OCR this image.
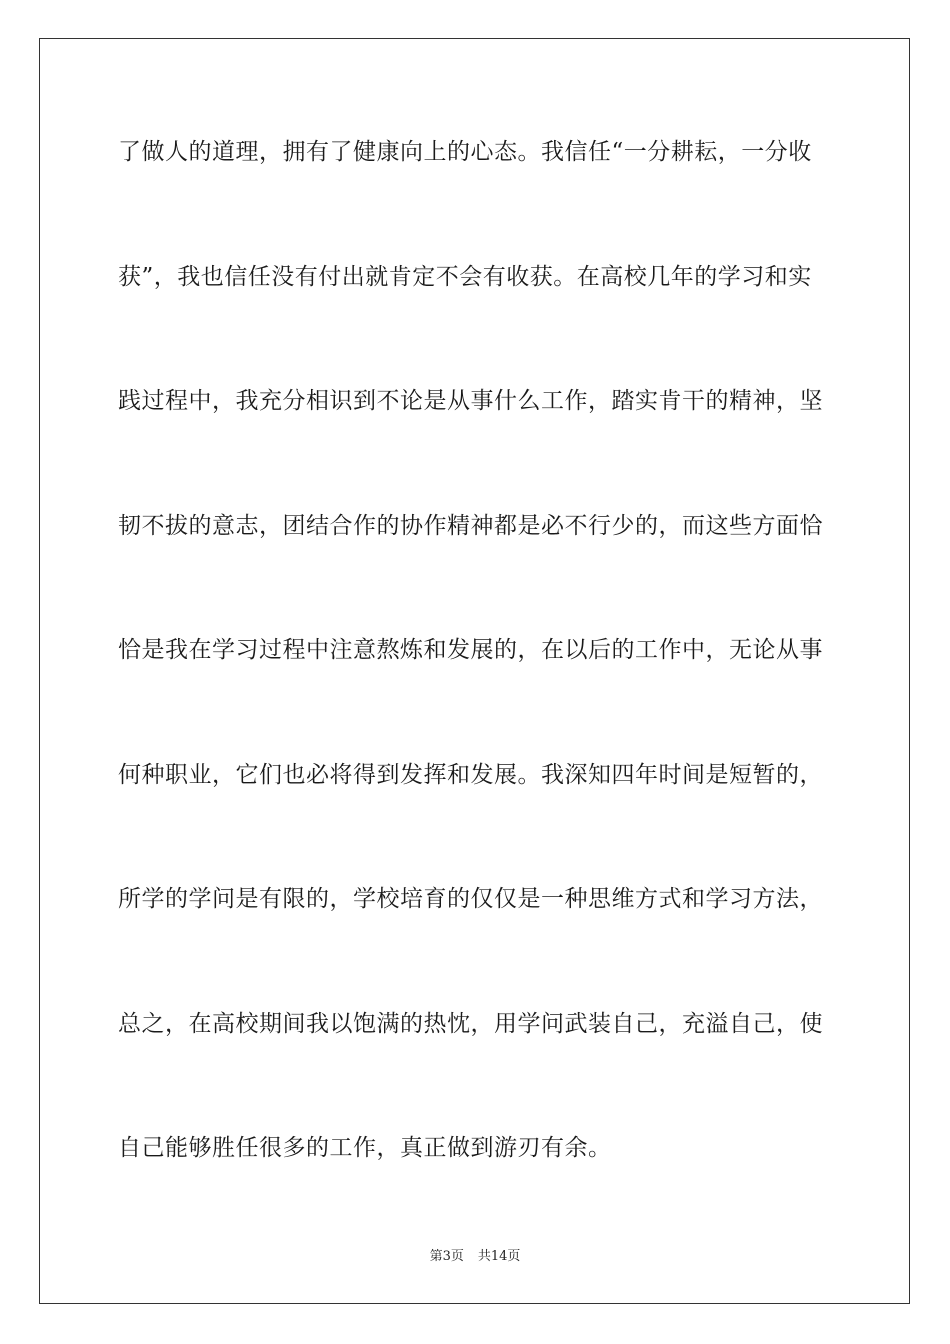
了做人的道理，拥有了健康向上的心态。我信任“一分耕耘，一分收
获”，我也信任没有付出就肯定不会有收获。在高校几年的学习和实
践过程中，我充分相识到不论是从事什么工作，踏实肯干的精神，坚
韧不拔的意志，团结合作的协作精神都是必不行少的，而这些方面恰
恰是我在学习过程中注意熬炼和发展的，在以后的工作中，无论从事
何种职业，它们也必将得到发挥和发展。我深知四年时间是短暂的，
所学的学问是有限的，学校培育的仅仅是一种思维方式和学习方法，
总之，在高校期间我以饱满的热忱，用学问武装自己，充溢自己，使
自己能够胜任很多的工作，真正做到游刃有余。
第3页 共14页
